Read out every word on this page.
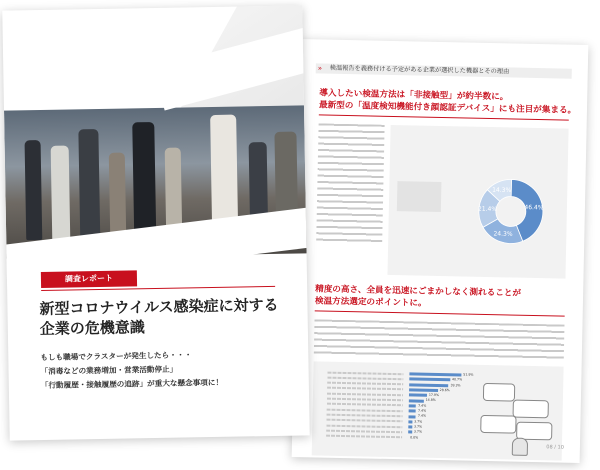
» 検温報告を義務付ける予定がある企業が選択した機器とその理由
導入したい検温方法は「非接触型」が約半数に。
最新型の「温度検知機能付き顔認証デバイス」にも注目が集まる。
46.4%
24.3%
21.4%
14.3%
精度の高さ、全員を迅速にごまかしなく測れることが
検温方法選定のポイントに。
51.9%
40.7%
39.3%
28.6%
17.9%
14.8%
7.4%
7.4%
7.4%
3.7%
3.7%
3.7%
0.0%
08 / 10
調査レポート
新型コロナウイルス感染症に対する
企業の危機意識
もしも職場でクラスターが発生したら・・・
「消毒などの業務増加・営業活動停止」
「行動履歴・接触履歴の追跡」が重大な懸念事項に！
